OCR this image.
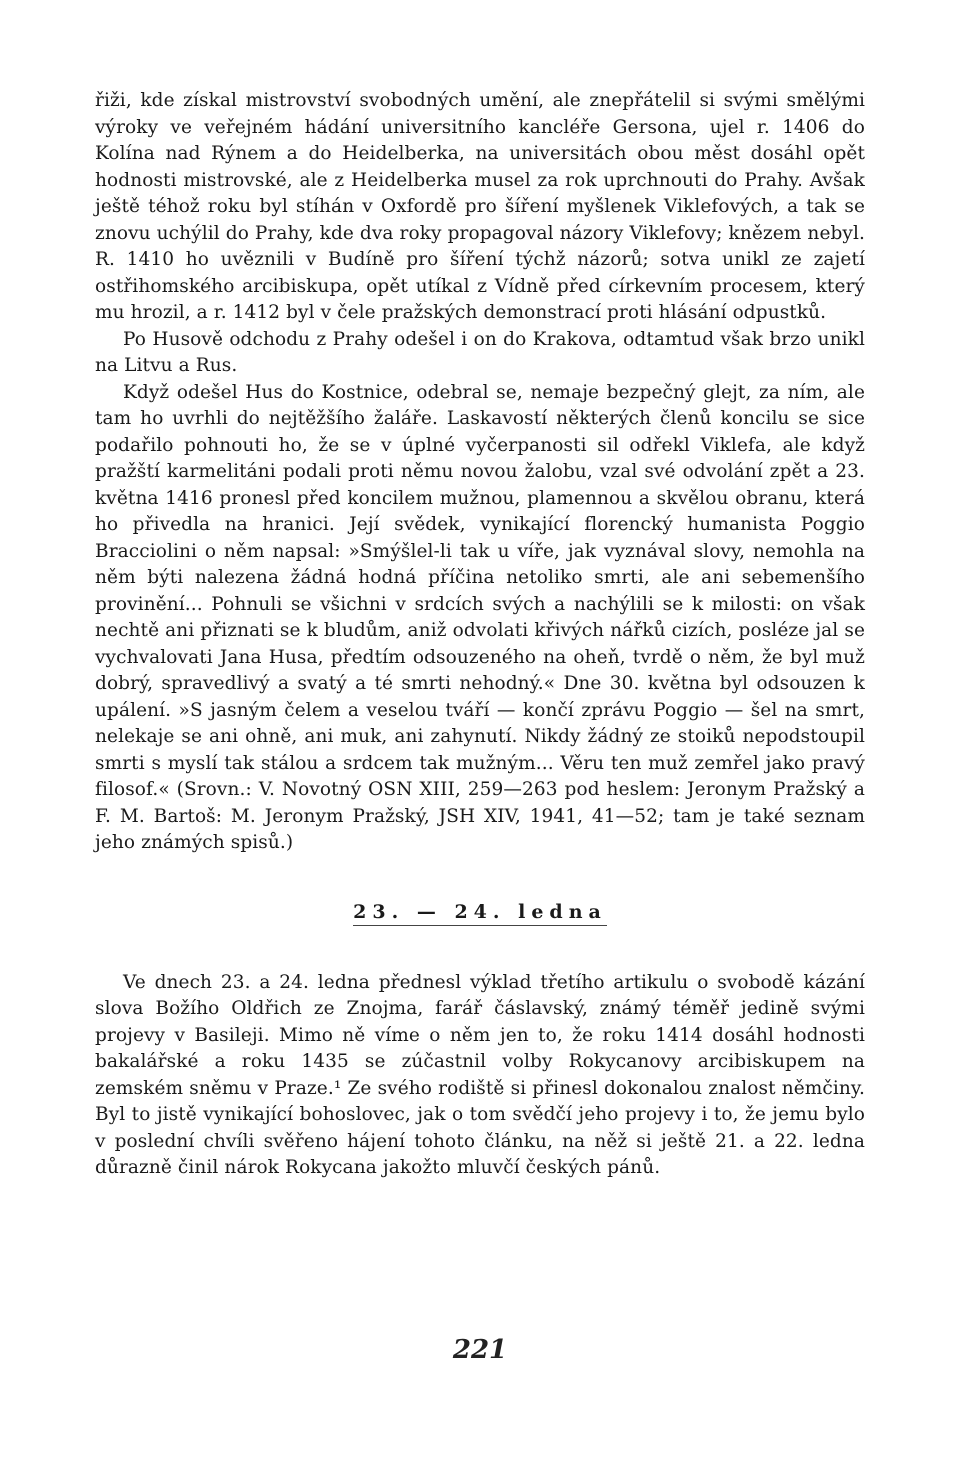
řiži, kde získal mistrovství svobodných umění, ale znepřátelil si svými smělými výroky ve veřejném hádání universitního kancléře Gersona, ujel r. 1406 do Kolína nad Rýnem a do Heidelberka, na universitách obou měst dosáhl opět hodnosti mistrovské, ale z Heidelberka musel za rok uprchnouti do Prahy. Avšak ještě téhož roku byl stíhán v Oxfordě pro šíření myšlenek Viklefových, a tak se znovu uchýlil do Prahy, kde dva roky propagoval názory Viklefovy; knězem nebyl. R. 1410 ho uvěznili v Budíně pro šíření týchž názorů; sotva unikl ze zajetí ostřihomského arcibiskupa, opět utíkal z Vídně před církevním procesem, který mu hrozil, a r. 1412 byl v čele pražských demonstrací proti hlásání odpustků.

Po Husově odchodu z Prahy odešel i on do Krakova, odtamtud však brzo unikl na Litvu a Rus.

Když odešel Hus do Kostnice, odebral se, nemaje bezpečný glejt, za ním, ale tam ho uvrhli do nejtěžšího žaláře. Laskavostí některých členů koncilu se sice podařilo pohnouti ho, že se v úplné vyčerpanosti sil odřekl Viklefa, ale když pražští karmelitáni podali proti němu novou žalobu, vzal své odvolání zpět a 23. května 1416 pronesl před koncilem mužnou, plamennou a skvělou obranu, která ho přivedla na hranici. Její svědek, vynikající florencký humanista Poggio Bracciolini o něm napsal: »Smýšlel-li tak u víře, jak vyznával slovy, nemohla na něm býti nalezena žádná hodná příčina netoliko smrti, ale ani sebemenšího provinění... Pohnuli se všichni v srdcích svých a nachýlili se k milosti: on však nechtě ani přiznati se k bludům, aniž odvolati křivých nářků cizích, posléze jal se vychvalovati Jana Husa, předtím odsouzeného na oheň, tvrdě o něm, že byl muž dobrý, spravedlivý a svatý a té smrti nehodný.« Dne 30. května byl odsouzen k upálení. »S jasným čelem a veselou tváří — končí zprávu Poggio — šel na smrt, nelekaje se ani ohně, ani muk, ani zahynutí. Nikdy žádný ze stoiků nepodstoupil smrti s myslí tak stálou a srdcem tak mužným... Věru ten muž zemřel jako pravý filosof.« (Srovn.: V. Novotný OSN XIII, 259—263 pod heslem: Jeronym Pražský a F. M. Bartoš: M. Jeronym Pražský, JSH XIV, 1941, 41—52; tam je také seznam jeho známých spisů.)

23. — 24. ledna

Ve dnech 23. a 24. ledna přednesl výklad třetího artikulu o svobodě kázání slova Božího Oldřich ze Znojma, farář čáslavský, známý téměř jedině svými projevy v Basileji. Mimo ně víme o něm jen to, že roku 1414 dosáhl hodnosti bakalářské a roku 1435 se zúčastnil volby Rokycanovy arcibiskupem na zemském sněmu v Praze.¹ Ze svého rodiště si přinesl dokonalou znalost němčiny. Byl to jistě vynikající bohoslovec, jak o tom svědčí jeho projevy i to, že jemu bylo v poslední chvíli svěřeno hájení tohoto článku, na něž si ještě 21. a 22. ledna důrazně činil nárok Rokycana jakožto mluvčí českých pánů.

221
